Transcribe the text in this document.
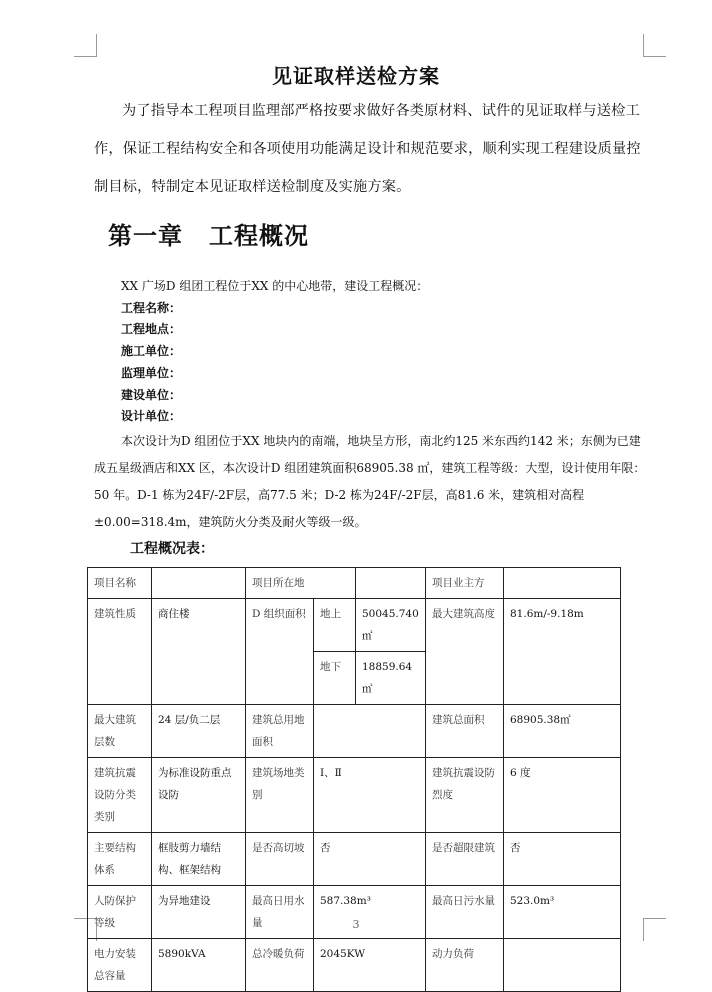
见证取样送检方案

为了指导本工程项目监理部严格按要求做好各类原材料、试件的见证取样与送检工作，保证工程结构安全和各项使用功能满足设计和规范要求，顺利实现工程建设质量控制目标，特制定本见证取样送检制度及实施方案。

第一章 工程概况

XX 广场D 组团工程位于XX 的中心地带，建设工程概况：

工程名称：

工程地点：

施工单位：

监理单位：

建设单位：

设计单位：

本次设计为D 组团位于XX 地块内的南端，地块呈方形，南北约125 米东西约142 米；东侧为已建成五星级酒店和XX 区，本次设计D 组团建筑面积68905.38 ㎡，建筑工程等级：大型，设计使用年限：50 年。D-1 栋为24F/-2F层，高77.5 米；D-2 栋为24F/-2F层，高81.6 米，建筑相对高程±0.00=318.4m，建筑防火分类及耐火等级一级。

工程概况表：
项目名称		项目所在地			项目业主方	
建筑性质	商住楼	D 组织面积	地上	50045.740㎡	最大建筑高度	81.6m/-9.18m
			地下	18859.64㎡		
最大建筑层数	24 层/负二层	建筑总用地面积			建筑总面积	68905.38㎡
建筑抗震设防分类类别	为标准设防重点设防	建筑场地类别	Ⅰ、Ⅱ		建筑抗震设防烈度	6 度
主要结构体系	框肢剪力墙结构、框架结构	是否高切坡	否		是否超限建筑	否
人防保护等级	为异地建设	最高日用水量	587.38m³		最高日污水量	523.0m³
电力安装总容量	5890kVA	总冷暖负荷	2045KW		动力负荷	
3
